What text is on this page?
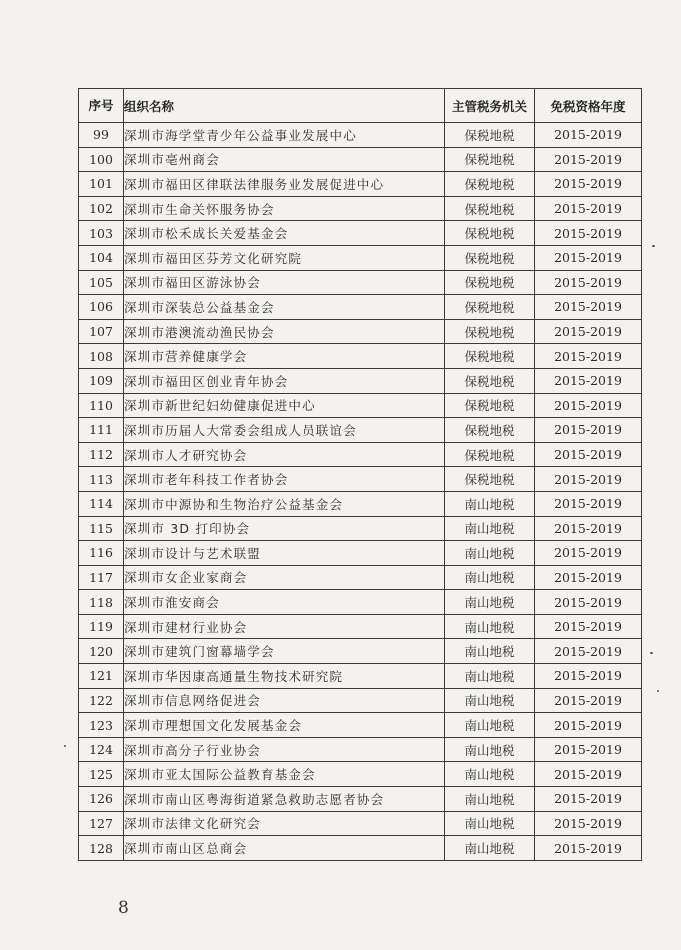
序号	组织名称	主管税务机关	免税资格年度
99	深圳市海学堂青少年公益事业发展中心	保税地税	2015-2019
100	深圳市亳州商会	保税地税	2015-2019
101	深圳市福田区律联法律服务业发展促进中心	保税地税	2015-2019
102	深圳市生命关怀服务协会	保税地税	2015-2019
103	深圳市松禾成长关爱基金会	保税地税	2015-2019
104	深圳市福田区芬芳文化研究院	保税地税	2015-2019
105	深圳市福田区游泳协会	保税地税	2015-2019
106	深圳市深装总公益基金会	保税地税	2015-2019
107	深圳市港澳流动渔民协会	保税地税	2015-2019
108	深圳市营养健康学会	保税地税	2015-2019
109	深圳市福田区创业青年协会	保税地税	2015-2019
110	深圳市新世纪妇幼健康促进中心	保税地税	2015-2019
111	深圳市历届人大常委会组成人员联谊会	保税地税	2015-2019
112	深圳市人才研究协会	保税地税	2015-2019
113	深圳市老年科技工作者协会	保税地税	2015-2019
114	深圳市中源协和生物治疗公益基金会	南山地税	2015-2019
115	深圳市 3D 打印协会	南山地税	2015-2019
116	深圳市设计与艺术联盟	南山地税	2015-2019
117	深圳市女企业家商会	南山地税	2015-2019
118	深圳市淮安商会	南山地税	2015-2019
119	深圳市建材行业协会	南山地税	2015-2019
120	深圳市建筑门窗幕墙学会	南山地税	2015-2019
121	深圳市华因康高通量生物技术研究院	南山地税	2015-2019
122	深圳市信息网络促进会	南山地税	2015-2019
123	深圳市理想国文化发展基金会	南山地税	2015-2019
124	深圳市高分子行业协会	南山地税	2015-2019
125	深圳市亚太国际公益教育基金会	南山地税	2015-2019
126	深圳市南山区粤海街道紧急救助志愿者协会	南山地税	2015-2019
127	深圳市法律文化研究会	南山地税	2015-2019
128	深圳市南山区总商会	南山地税	2015-2019
8
